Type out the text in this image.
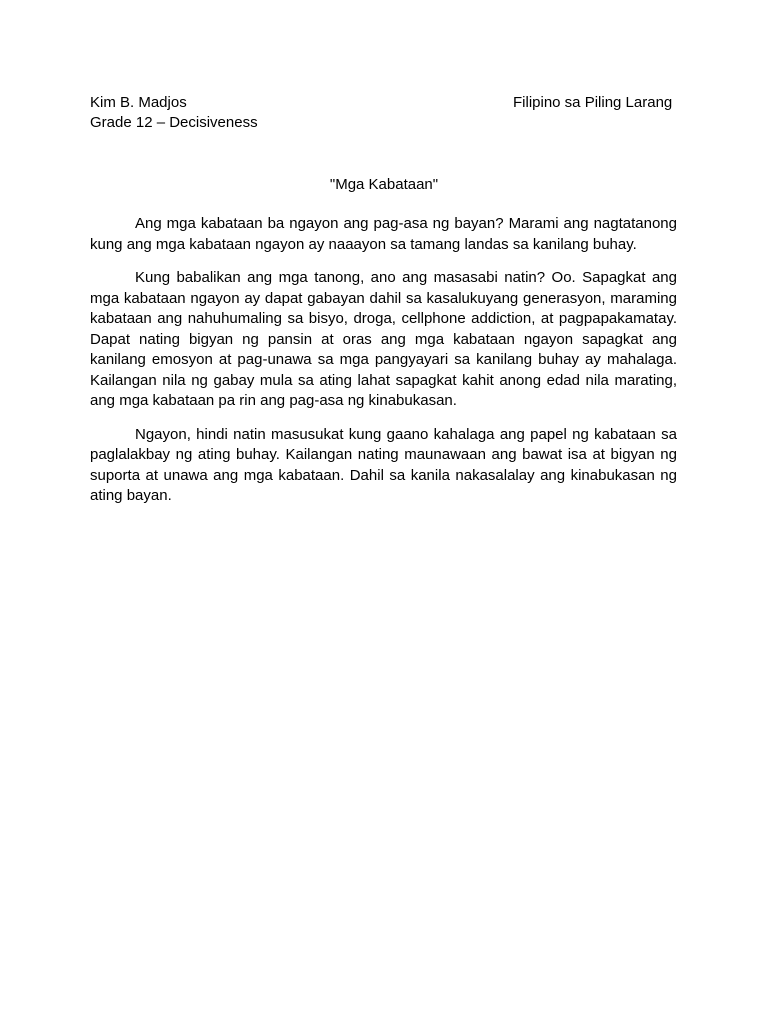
Kim B. Madjos
Grade 12 – Decisiveness
Filipino sa Piling Larang
"Mga Kabataan"

Ang mga kabataan ba ngayon ang pag-asa ng bayan? Marami ang nagtatanong kung ang mga kabataan ngayon ay naaayon sa tamang landas sa kanilang buhay.

Kung babalikan ang mga tanong, ano ang masasabi natin? Oo. Sapagkat ang mga kabataan ngayon ay dapat gabayan dahil sa kasalukuyang generasyon, maraming kabataan ang nahuhumaling sa bisyo, droga, cellphone addiction, at pagpapakamatay. Dapat nating bigyan ng pansin at oras ang mga kabataan ngayon sapagkat ang kanilang emosyon at pag-unawa sa mga pangyayari sa kanilang buhay ay mahalaga. Kailangan nila ng gabay mula sa ating lahat sapagkat kahit anong edad nila marating, ang mga kabataan pa rin ang pag-asa ng kinabukasan.

Ngayon, hindi natin masusukat kung gaano kahalaga ang papel ng kabataan sa paglalakbay ng ating buhay. Kailangan nating maunawaan ang bawat isa at bigyan ng suporta at unawa ang mga kabataan. Dahil sa kanila nakasalalay ang kinabukasan ng ating bayan.
